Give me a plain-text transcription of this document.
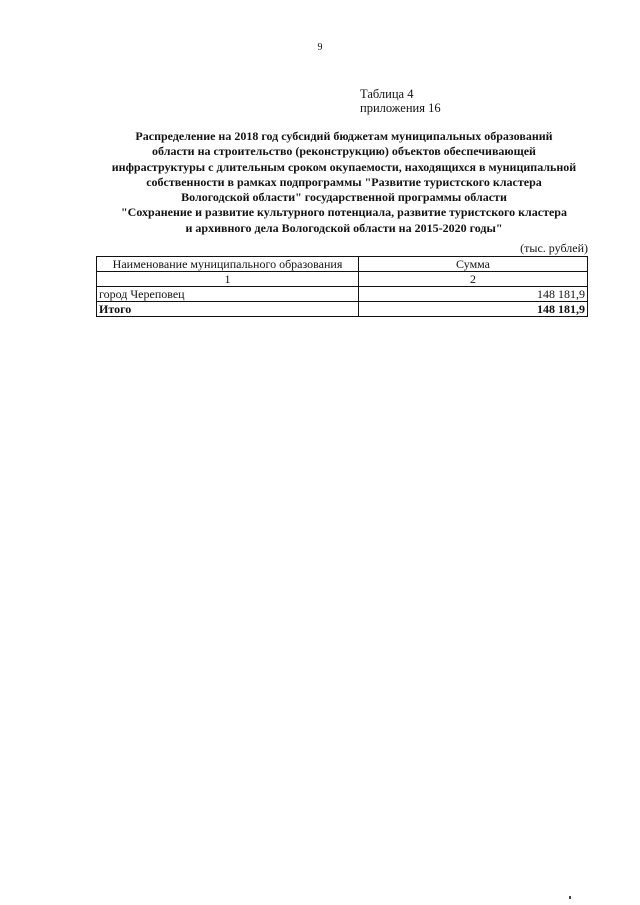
9
Таблица 4
приложения 16
Распределение на 2018 год субсидий бюджетам муниципальных образований
области на строительство (реконструкцию) объектов обеспечивающей
инфраструктуры с длительным сроком окупаемости, находящихся в муниципальной
собственности в рамках подпрограммы "Развитие туристского кластера
Вологодской области" государственной программы области
"Сохранение и развитие культурного потенциала, развитие туристского кластера
и архивного дела Вологодской области на 2015-2020 годы"
(тыс. рублей)
Наименование муниципального образования	Сумма
1	2
город Череповец	148 181,9
Итого	148 181,9
